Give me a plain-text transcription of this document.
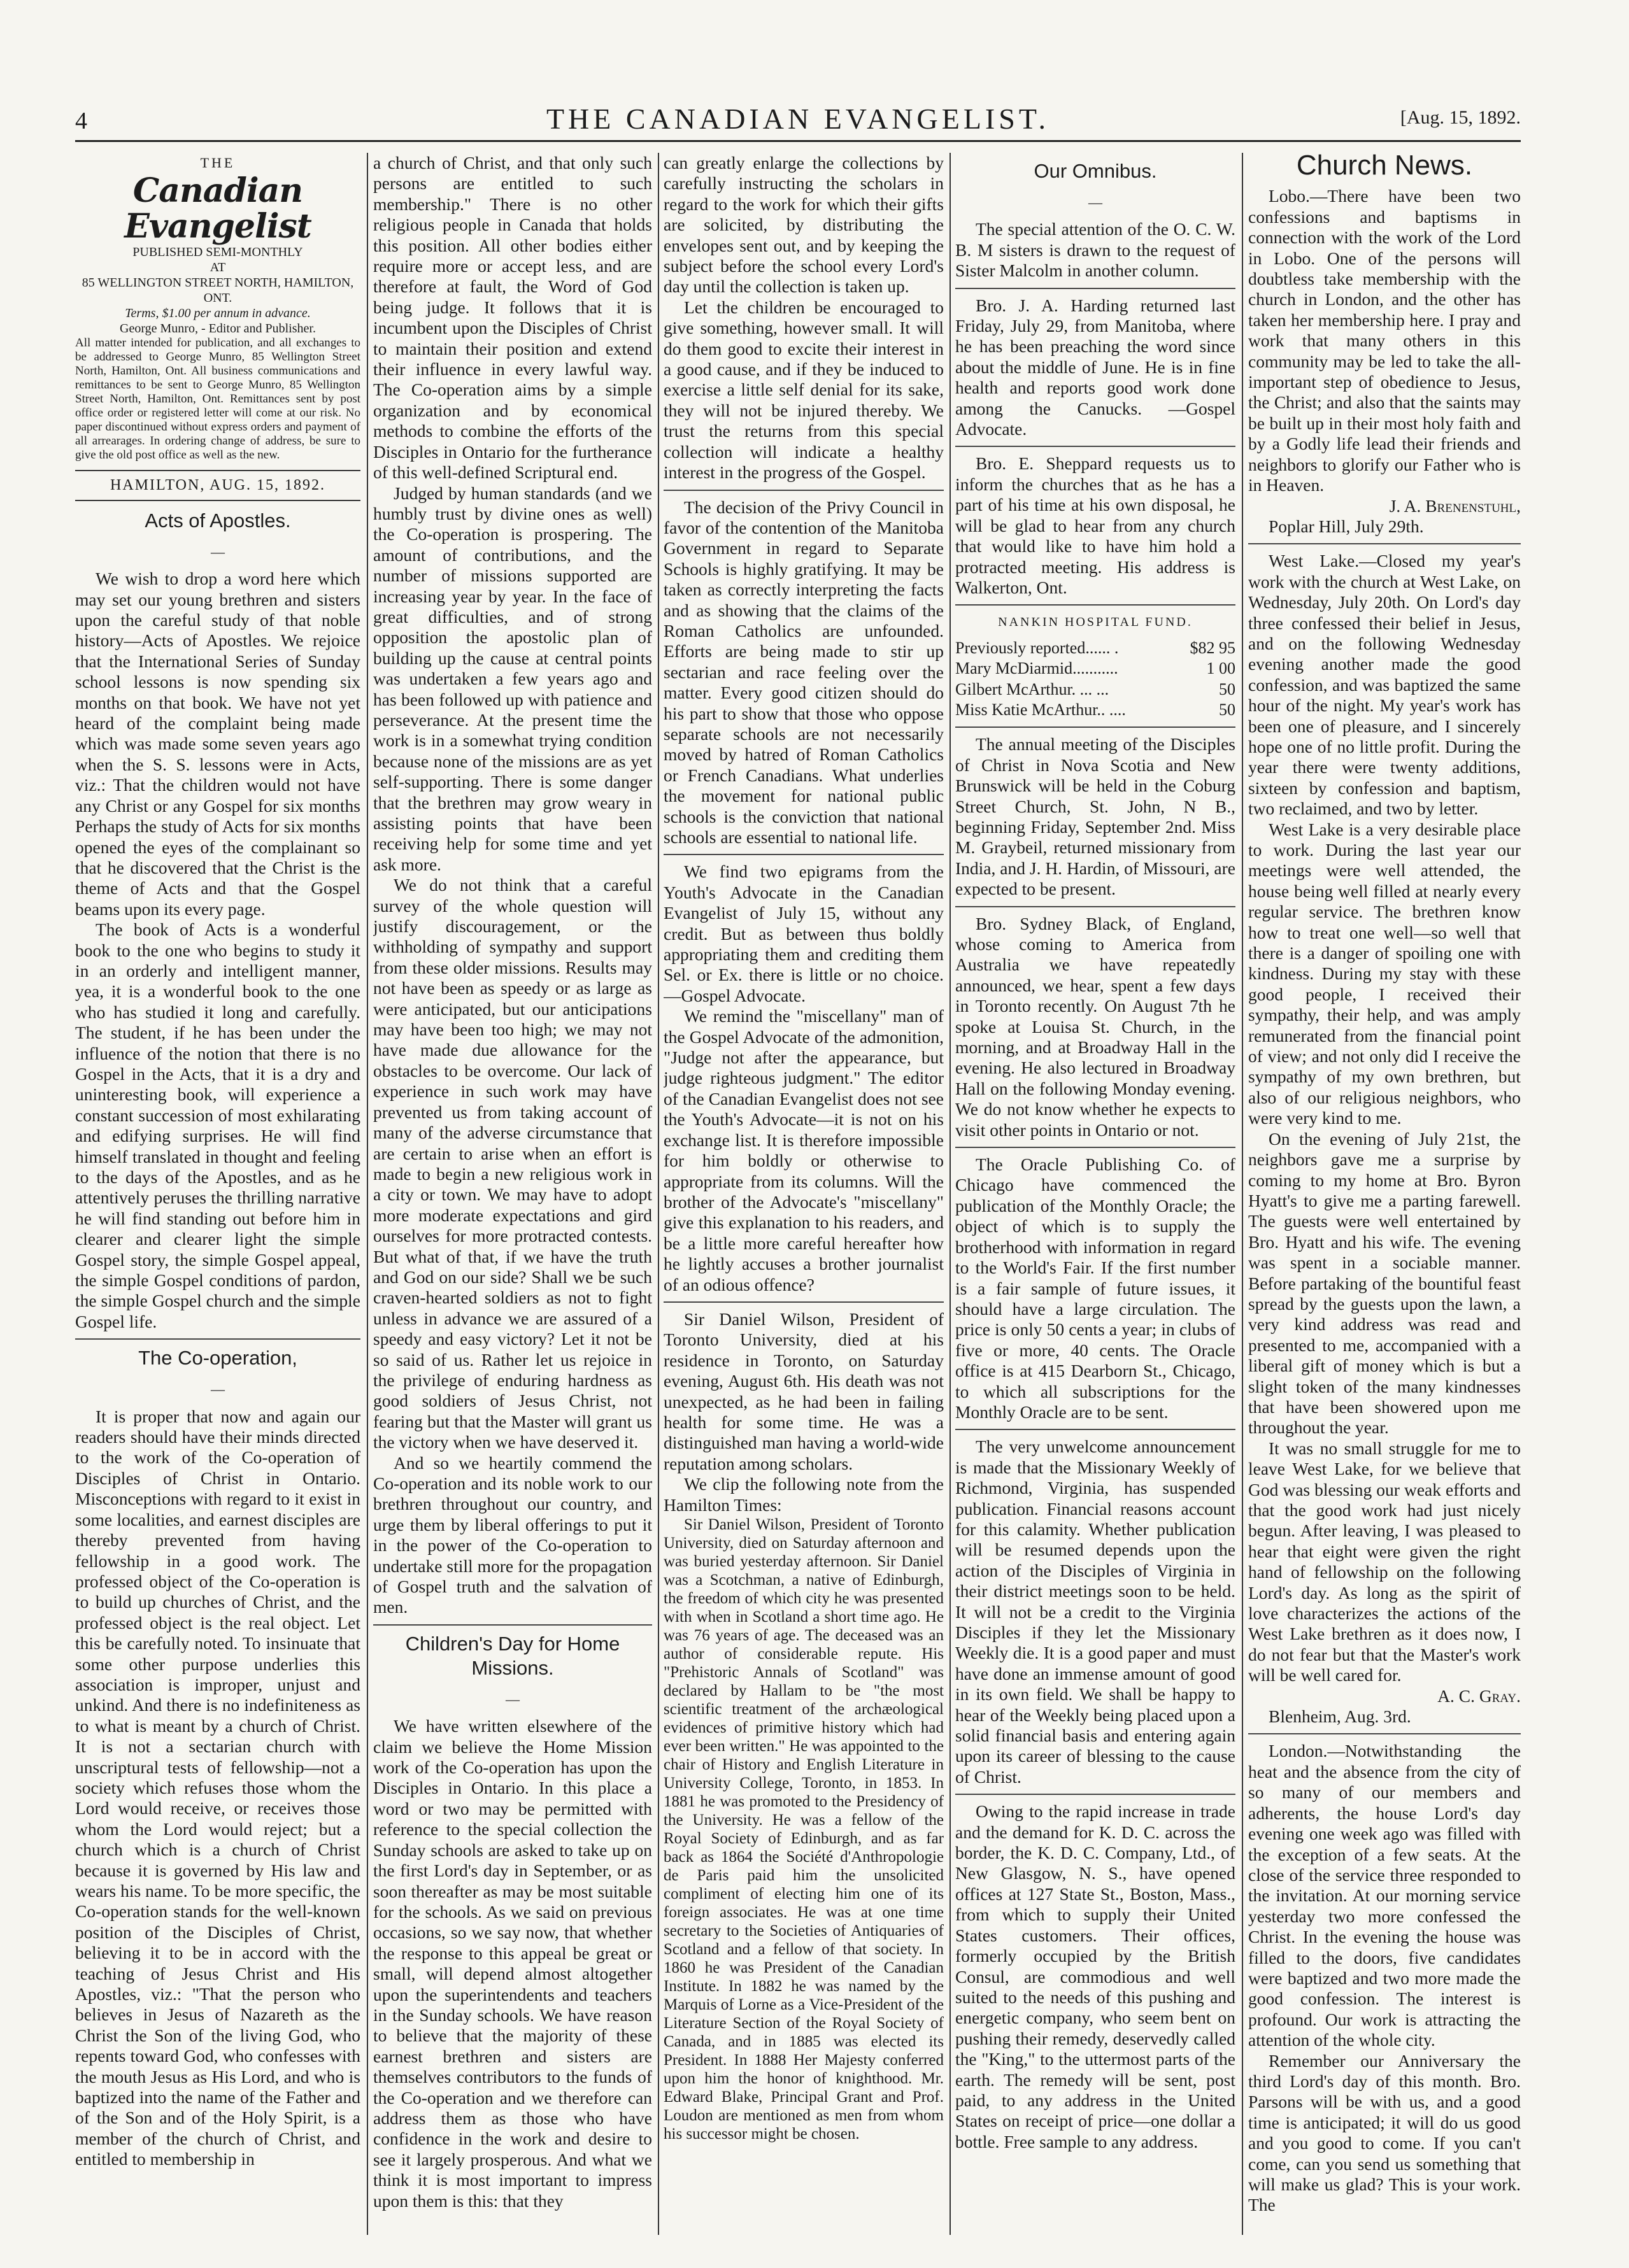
4	THE CANADIAN EVANGELIST.	[Aug. 15, 1892.
THE
Canadian Evangelist
PUBLISHED SEMI-MONTHLY
AT
85 WELLINGTON STREET NORTH, HAMILTON, ONT.
Terms, $1.00 per annum in advance.
George Munro, - Editor and Publisher.
All matter intended for publication, and all exchanges to be addressed to George Munro, 85 Wellington Street North, Hamilton, Ont. All business communications and remittances to be sent to George Munro, 85 Wellington Street North, Hamilton, Ont. Remittances sent by post office order or registered letter will come at our risk. No paper discontinued without express orders and payment of all arrearages. In ordering change of address, be sure to give the old post office as well as the new.
HAMILTON, AUG. 15, 1892.
Acts of Apostles.
—

We wish to drop a word here which may set our young brethren and sisters upon the careful study of that noble history—Acts of Apostles. We rejoice that the International Series of Sunday school lessons is now spending six months on that book. We have not yet heard of the complaint being made which was made some seven years ago when the S. S. lessons were in Acts, viz.: That the children would not have any Christ or any Gospel for six months Perhaps the study of Acts for six months opened the eyes of the complainant so that he discovered that the Christ is the theme of Acts and that the Gospel beams upon its every page.

The book of Acts is a wonderful book to the one who begins to study it in an orderly and intelligent manner, yea, it is a wonderful book to the one who has studied it long and carefully. The student, if he has been under the influence of the notion that there is no Gospel in the Acts, that it is a dry and uninteresting book, will experience a constant succession of most exhilarating and edifying surprises. He will find himself translated in thought and feeling to the days of the Apostles, and as he attentively peruses the thrilling narrative he will find standing out before him in clearer and clearer light the simple Gospel story, the simple Gospel appeal, the simple Gospel conditions of pardon, the simple Gospel church and the simple Gospel life.

The Co-operation,
—

It is proper that now and again our readers should have their minds directed to the work of the Co-operation of Disciples of Christ in Ontario. Misconceptions with regard to it exist in some localities, and earnest disciples are thereby prevented from having fellowship in a good work. The professed object of the Co-operation is to build up churches of Christ, and the professed object is the real object. Let this be carefully noted. To insinuate that some other purpose underlies this association is improper, unjust and unkind. And there is no indefiniteness as to what is meant by a church of Christ. It is not a sectarian church with unscriptural tests of fellowship—not a society which refuses those whom the Lord would receive, or receives those whom the Lord would reject; but a church which is a church of Christ because it is governed by His law and wears his name. To be more specific, the Co-operation stands for the well-known position of the Disciples of Christ, believing it to be in accord with the teaching of Jesus Christ and His Apostles, viz.: "That the person who believes in Jesus of Nazareth as the Christ the Son of the living God, who repents toward God, who confesses with the mouth Jesus as His Lord, and who is baptized into the name of the Father and of the Son and of the Holy Spirit, is a member of the church of Christ, and entitled to membership in

a church of Christ, and that only such persons are entitled to such membership." There is no other religious people in Canada that holds this position. All other bodies either require more or accept less, and are therefore at fault, the Word of God being judge. It follows that it is incumbent upon the Disciples of Christ to maintain their position and extend their influence in every lawful way. The Co-operation aims by a simple organization and by economical methods to combine the efforts of the Disciples in Ontario for the furtherance of this well-defined Scriptural end.

Judged by human standards (and we humbly trust by divine ones as well) the Co-operation is prospering. The amount of contributions, and the number of missions supported are increasing year by year. In the face of great difficulties, and of strong opposition the apostolic plan of building up the cause at central points was undertaken a few years ago and has been followed up with patience and perseverance. At the present time the work is in a somewhat trying condition because none of the missions are as yet self-supporting. There is some danger that the brethren may grow weary in assisting points that have been receiving help for some time and yet ask more.

We do not think that a careful survey of the whole question will justify discouragement, or the withholding of sympathy and support from these older missions. Results may not have been as speedy or as large as were anticipated, but our anticipations may have been too high; we may not have made due allowance for the obstacles to be overcome. Our lack of experience in such work may have prevented us from taking account of many of the adverse circumstance that are certain to arise when an effort is made to begin a new religious work in a city or town. We may have to adopt more moderate expectations and gird ourselves for more protracted contests. But what of that, if we have the truth and God on our side? Shall we be such craven-hearted soldiers as not to fight unless in advance we are assured of a speedy and easy victory? Let it not be so said of us. Rather let us rejoice in the privilege of enduring hardness as good soldiers of Jesus Christ, not fearing but that the Master will grant us the victory when we have deserved it.

And so we heartily commend the Co-operation and its noble work to our brethren throughout our country, and urge them by liberal offerings to put it in the power of the Co-operation to undertake still more for the propagation of Gospel truth and the salvation of men.

Children's Day for Home Missions.
—

We have written elsewhere of the claim we believe the Home Mission work of the Co-operation has upon the Disciples in Ontario. In this place a word or two may be permitted with reference to the special collection the Sunday schools are asked to take up on the first Lord's day in September, or as soon thereafter as may be most suitable for the schools. As we said on previous occasions, so we say now, that whether the response to this appeal be great or small, will depend almost altogether upon the superintendents and teachers in the Sunday schools. We have reason to believe that the majority of these earnest brethren and sisters are themselves contributors to the funds of the Co-operation and we therefore can address them as those who have confidence in the work and desire to see it largely prosperous. And what we think it is most important to impress upon them is this: that they

can greatly enlarge the collections by carefully instructing the scholars in regard to the work for which their gifts are solicited, by distributing the envelopes sent out, and by keeping the subject before the school every Lord's day until the collection is taken up.

Let the children be encouraged to give something, however small. It will do them good to excite their interest in a good cause, and if they be induced to exercise a little self denial for its sake, they will not be injured thereby. We trust the returns from this special collection will indicate a healthy interest in the progress of the Gospel.

The decision of the Privy Council in favor of the contention of the Manitoba Government in regard to Separate Schools is highly gratifying. It may be taken as correctly interpreting the facts and as showing that the claims of the Roman Catholics are unfounded. Efforts are being made to stir up sectarian and race feeling over the matter. Every good citizen should do his part to show that those who oppose separate schools are not necessarily moved by hatred of Roman Catholics or French Canadians. What underlies the movement for national public schools is the conviction that national schools are essential to national life.

We find two epigrams from the Youth's Advocate in the Canadian Evangelist of July 15, without any credit. But as between thus boldly appropriating them and crediting them Sel. or Ex. there is little or no choice. —Gospel Advocate.

We remind the "miscellany" man of the Gospel Advocate of the admonition, "Judge not after the appearance, but judge righteous judgment." The editor of the Canadian Evangelist does not see the Youth's Advocate—it is not on his exchange list. It is therefore impossible for him boldly or otherwise to appropriate from its columns. Will the brother of the Advocate's "miscellany" give this explanation to his readers, and be a little more careful hereafter how he lightly accuses a brother journalist of an odious offence?

Sir Daniel Wilson, President of Toronto University, died at his residence in Toronto, on Saturday evening, August 6th. His death was not unexpected, as he had been in failing health for some time. He was a distinguished man having a world-wide reputation among scholars.

We clip the following note from the Hamilton Times:

Sir Daniel Wilson, President of Toronto University, died on Saturday afternoon and was buried yesterday afternoon. Sir Daniel was a Scotchman, a native of Edinburgh, the freedom of which city he was presented with when in Scotland a short time ago. He was 76 years of age. The deceased was an author of considerable repute. His "Prehistoric Annals of Scotland" was declared by Hallam to be "the most scientific treatment of the archæological evidences of primitive history which had ever been written." He was appointed to the chair of History and English Literature in University College, Toronto, in 1853. In 1881 he was promoted to the Presidency of the University. He was a fellow of the Royal Society of Edinburgh, and as far back as 1864 the Société d'Anthropologie de Paris paid him the unsolicited compliment of electing him one of its foreign associates. He was at one time secretary to the Societies of Antiquaries of Scotland and a fellow of that society. In 1860 he was President of the Canadian Institute. In 1882 he was named by the Marquis of Lorne as a Vice-President of the Literature Section of the Royal Society of Canada, and in 1885 was elected its President. In 1888 Her Majesty conferred upon him the honor of knighthood. Mr. Edward Blake, Principal Grant and Prof. Loudon are mentioned as men from whom his successor might be chosen.

Our Omnibus.
—

The special attention of the O. C. W. B. M sisters is drawn to the request of Sister Malcolm in another column.

Bro. J. A. Harding returned last Friday, July 29, from Manitoba, where he has been preaching the word since about the middle of June. He is in fine health and reports good work done among the Canucks. —Gospel Advocate.

Bro. E. Sheppard requests us to inform the churches that as he has a part of his time at his own disposal, he will be glad to hear from any church that would like to have him hold a protracted meeting. His address is Walkerton, Ont.

NANKIN HOSPITAL FUND.
Previously reported...... .	$82 95
Mary McDiarmid...........	1 00
Gilbert McArthur. ... ...	50
Miss Katie McArthur.. ....	50

The annual meeting of the Disciples of Christ in Nova Scotia and New Brunswick will be held in the Coburg Street Church, St. John, N B., beginning Friday, September 2nd. Miss M. Graybeil, returned missionary from India, and J. H. Hardin, of Missouri, are expected to be present.

Bro. Sydney Black, of England, whose coming to America from Australia we have repeatedly announced, we hear, spent a few days in Toronto recently. On August 7th he spoke at Louisa St. Church, in the morning, and at Broadway Hall in the evening. He also lectured in Broadway Hall on the following Monday evening. We do not know whether he expects to visit other points in Ontario or not.

The Oracle Publishing Co. of Chicago have commenced the publication of the Monthly Oracle; the object of which is to supply the brotherhood with information in regard to the World's Fair. If the first number is a fair sample of future issues, it should have a large circulation. The price is only 50 cents a year; in clubs of five or more, 40 cents. The Oracle office is at 415 Dearborn St., Chicago, to which all subscriptions for the Monthly Oracle are to be sent.

The very unwelcome announcement is made that the Missionary Weekly of Richmond, Virginia, has suspended publication. Financial reasons account for this calamity. Whether publication will be resumed depends upon the action of the Disciples of Virginia in their district meetings soon to be held. It will not be a credit to the Virginia Disciples if they let the Missionary Weekly die. It is a good paper and must have done an immense amount of good in its own field. We shall be happy to hear of the Weekly being placed upon a solid financial basis and entering again upon its career of blessing to the cause of Christ.

Owing to the rapid increase in trade and the demand for K. D. C. across the border, the K. D. C. Company, Ltd., of New Glasgow, N. S., have opened offices at 127 State St., Boston, Mass., from which to supply their United States customers. Their offices, formerly occupied by the British Consul, are commodious and well suited to the needs of this pushing and energetic company, who seem bent on pushing their remedy, deservedly called the "King," to the uttermost parts of the earth. The remedy will be sent, post paid, to any address in the United States on receipt of price—one dollar a bottle. Free sample to any address.

Church News.

Lobo.—There have been two confessions and baptisms in connection with the work of the Lord in Lobo. One of the persons will doubtless take membership with the church in London, and the other has taken her membership here. I pray and work that many others in this community may be led to take the all-important step of obedience to Jesus, the Christ; and also that the saints may be built up in their most holy faith and by a Godly life lead their friends and neighbors to glorify our Father who is in Heaven.

J. A. Brenenstuhl,

Poplar Hill, July 29th.

West Lake.—Closed my year's work with the church at West Lake, on Wednesday, July 20th. On Lord's day three confessed their belief in Jesus, and on the following Wednesday evening another made the good confession, and was baptized the same hour of the night. My year's work has been one of pleasure, and I sincerely hope one of no little profit. During the year there were twenty additions, sixteen by confession and baptism, two reclaimed, and two by letter.

West Lake is a very desirable place to work. During the last year our meetings were well attended, the house being well filled at nearly every regular service. The brethren know how to treat one well—so well that there is a danger of spoiling one with kindness. During my stay with these good people, I received their sympathy, their help, and was amply remunerated from the financial point of view; and not only did I receive the sympathy of my own brethren, but also of our religious neighbors, who were very kind to me.

On the evening of July 21st, the neighbors gave me a surprise by coming to my home at Bro. Byron Hyatt's to give me a parting farewell. The guests were well entertained by Bro. Hyatt and his wife. The evening was spent in a sociable manner. Before partaking of the bountiful feast spread by the guests upon the lawn, a very kind address was read and presented to me, accompanied with a liberal gift of money which is but a slight token of the many kindnesses that have been showered upon me throughout the year.

It was no small struggle for me to leave West Lake, for we believe that God was blessing our weak efforts and that the good work had just nicely begun. After leaving, I was pleased to hear that eight were given the right hand of fellowship on the following Lord's day. As long as the spirit of love characterizes the actions of the West Lake brethren as it does now, I do not fear but that the Master's work will be well cared for.

A. C. Gray.

Blenheim, Aug. 3rd.

London.—Notwithstanding the heat and the absence from the city of so many of our members and adherents, the house Lord's day evening one week ago was filled with the exception of a few seats. At the close of the service three responded to the invitation. At our morning service yesterday two more confessed the Christ. In the evening the house was filled to the doors, five candidates were baptized and two more made the good confession. The interest is profound. Our work is attracting the attention of the whole city.

Remember our Anniversary the third Lord's day of this month. Bro. Parsons will be with us, and a good time is anticipated; it will do us good and you good to come. If you can't come, can you send us something that will make us glad? This is your work. The
